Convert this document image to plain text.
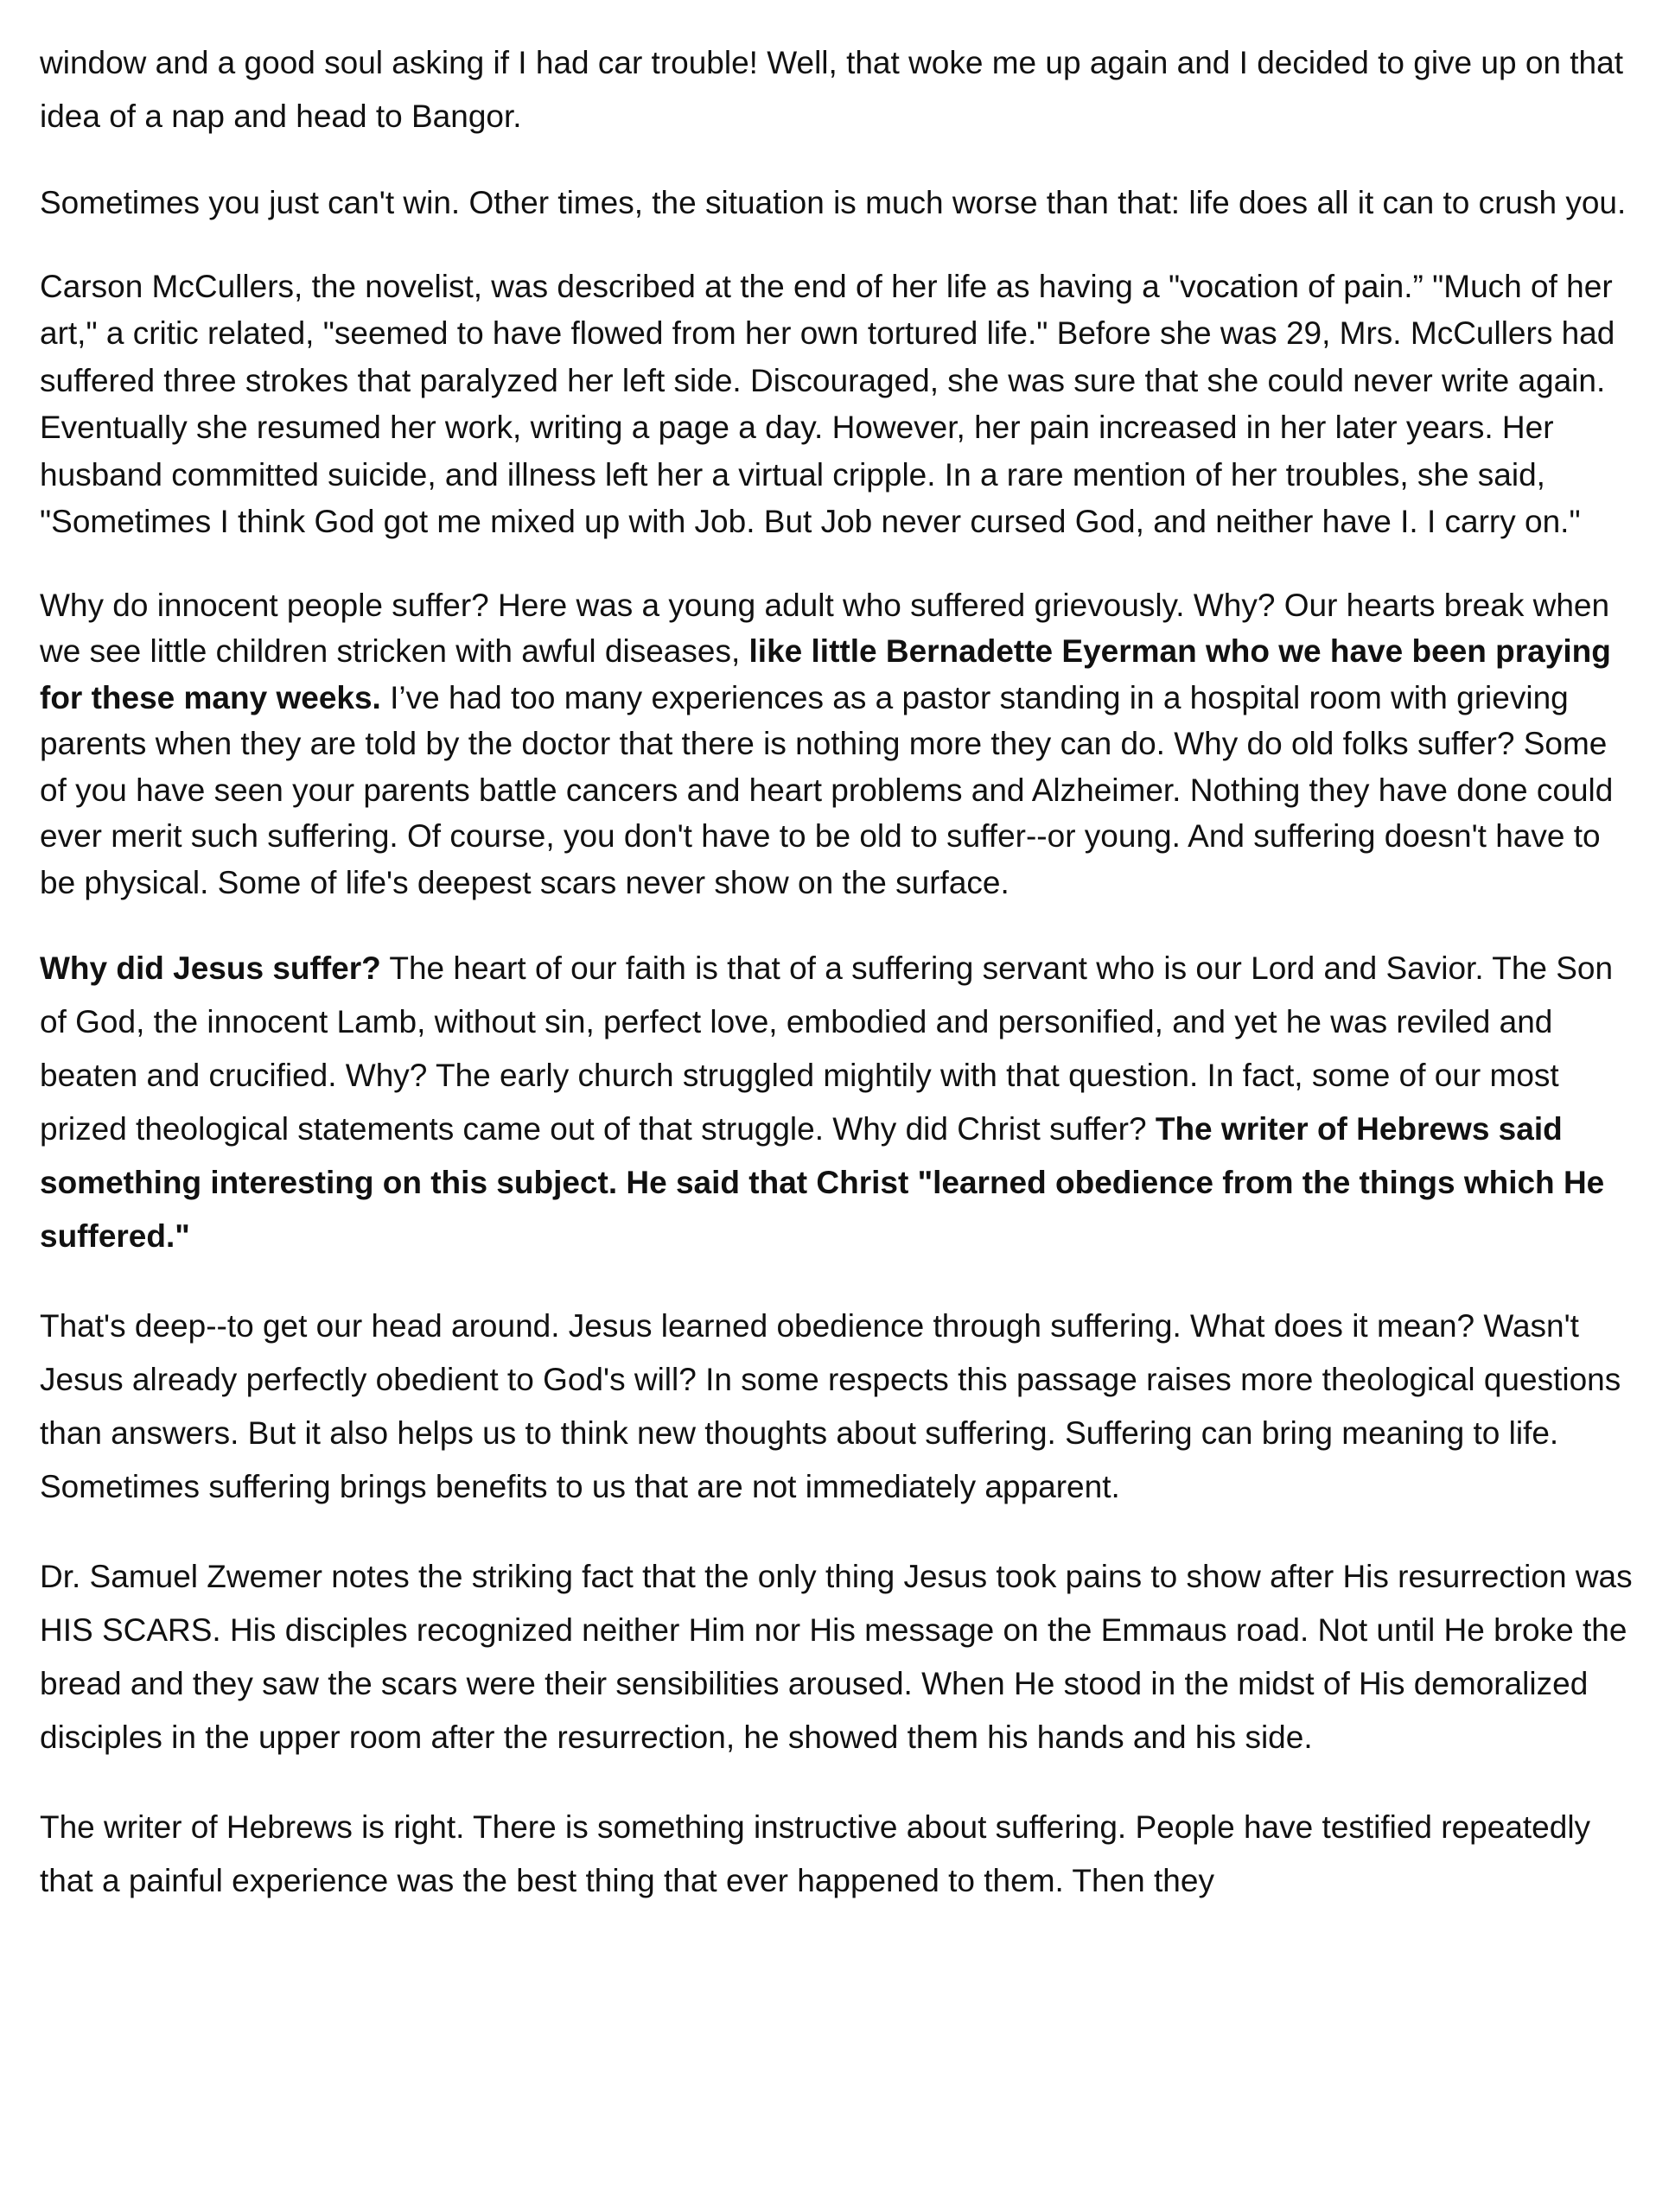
window and a good soul asking if I had car trouble! Well, that woke me up again and I decided to give up on that idea of a nap and head to Bangor.

Sometimes you just can't win. Other times, the situation is much worse than that: life does all it can to crush you.

Carson McCullers, the novelist, was described at the end of her life as having a "vocation of pain.” "Much of her art," a critic related, "seemed to have flowed from her own tortured life." Before she was 29, Mrs. McCullers had suffered three strokes that paralyzed her left side. Discouraged, she was sure that she could never write again. Eventually she resumed her work, writing a page a day. However, her pain increased in her later years. Her husband committed suicide, and illness left her a virtual cripple. In a rare mention of her troubles, she said, "Sometimes I think God got me mixed up with Job. But Job never cursed God, and neither have I. I carry on."

Why do innocent people suffer? Here was a young adult who suffered grievously. Why? Our hearts break when we see little children stricken with awful diseases, like little Bernadette Eyerman who we have been praying for these many weeks. I’ve had too many experiences as a pastor standing in a hospital room with grieving parents when they are told by the doctor that there is nothing more they can do. Why do old folks suffer? Some of you have seen your parents battle cancers and heart problems and Alzheimer. Nothing they have done could ever merit such suffering. Of course, you don't have to be old to suffer--or young. And suffering doesn't have to be physical. Some of life's deepest scars never show on the surface.

Why did Jesus suffer? The heart of our faith is that of a suffering servant who is our Lord and Savior. The Son of God, the innocent Lamb, without sin, perfect love, embodied and personified, and yet he was reviled and beaten and crucified. Why? The early church struggled mightily with that question. In fact, some of our most prized theological statements came out of that struggle. Why did Christ suffer? The writer of Hebrews said something interesting on this subject. He said that Christ "learned obedience from the things which He suffered."

That's deep--to get our head around. Jesus learned obedience through suffering. What does it mean? Wasn't Jesus already perfectly obedient to God's will? In some respects this passage raises more theological questions than answers. But it also helps us to think new thoughts about suffering. Suffering can bring meaning to life. Sometimes suffering brings benefits to us that are not immediately apparent.

Dr. Samuel Zwemer notes the striking fact that the only thing Jesus took pains to show after His resurrection was HIS SCARS. His disciples recognized neither Him nor His message on the Emmaus road. Not until He broke the bread and they saw the scars were their sensibilities aroused. When He stood in the midst of His demoralized disciples in the upper room after the resurrection, he showed them his hands and his side.

The writer of Hebrews is right. There is something instructive about suffering. People have testified repeatedly that a painful experience was the best thing that ever happened to them. Then they
